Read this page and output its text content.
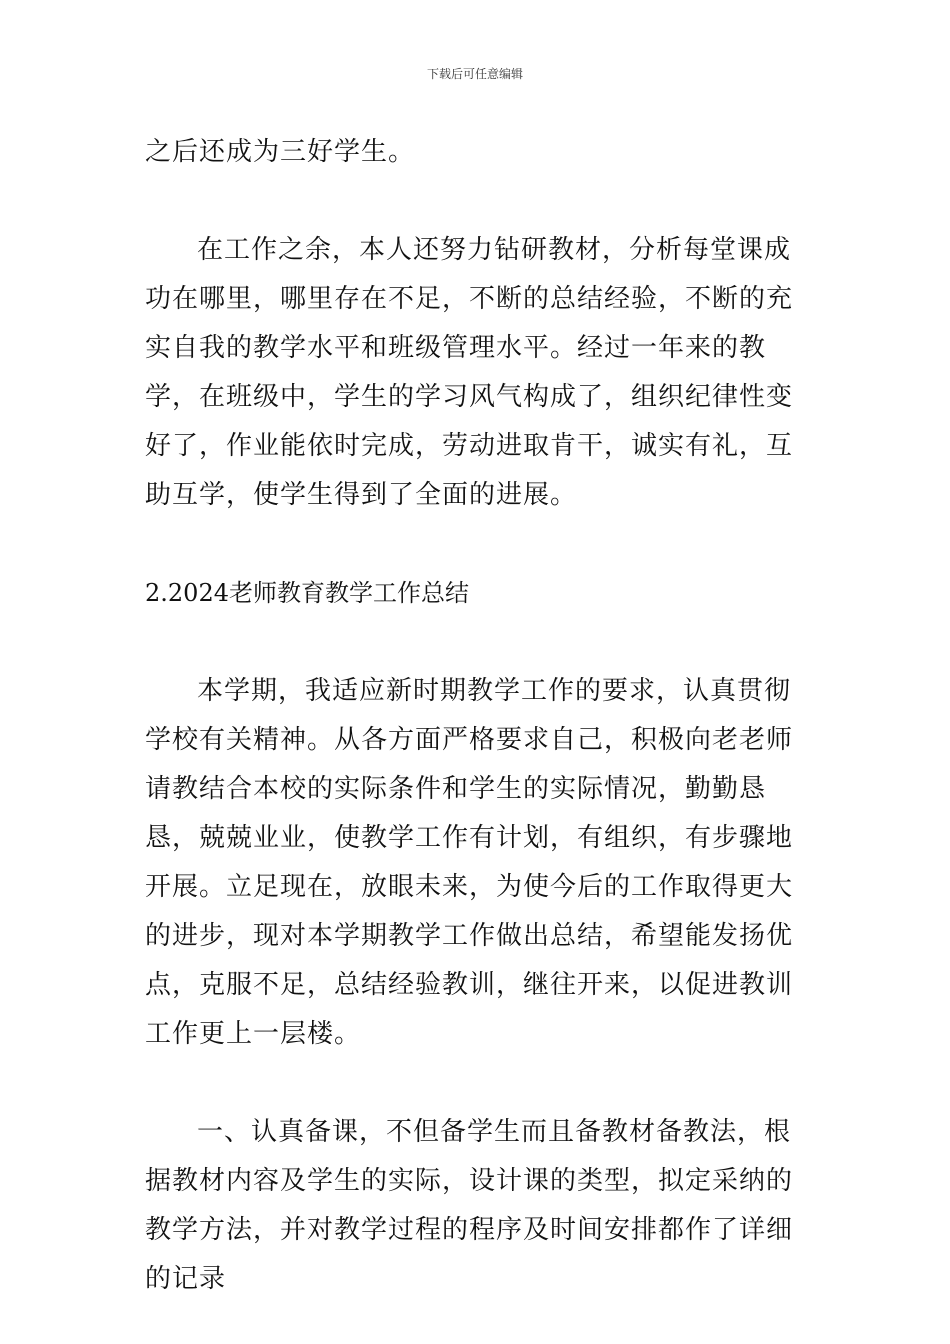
下载后可任意编辑

之后还成为三好学生。

在工作之余，本人还努力钻研教材，分析每堂课成功在哪里，哪里存在不足，不断的总结经验，不断的充实自我的教学水平和班级管理水平。经过一年来的教学，在班级中，学生的学习风气构成了，组织纪律性变好了，作业能依时完成，劳动进取肯干，诚实有礼，互助互学，使学生得到了全面的进展。

2.2024老师教育教学工作总结

本学期，我适应新时期教学工作的要求，认真贯彻学校有关精神。从各方面严格要求自己，积极向老老师请教结合本校的实际条件和学生的实际情况，勤勤恳恳，兢兢业业，使教学工作有计划，有组织，有步骤地开展。立足现在，放眼未来，为使今后的工作取得更大的进步，现对本学期教学工作做出总结，希望能发扬优点，克服不足，总结经验教训，继往开来，以促进教训工作更上一层楼。

一、认真备课，不但备学生而且备教材备教法，根据教材内容及学生的实际，设计课的类型，拟定采纳的教学方法，并对教学过程的程序及时间安排都作了详细的记录
